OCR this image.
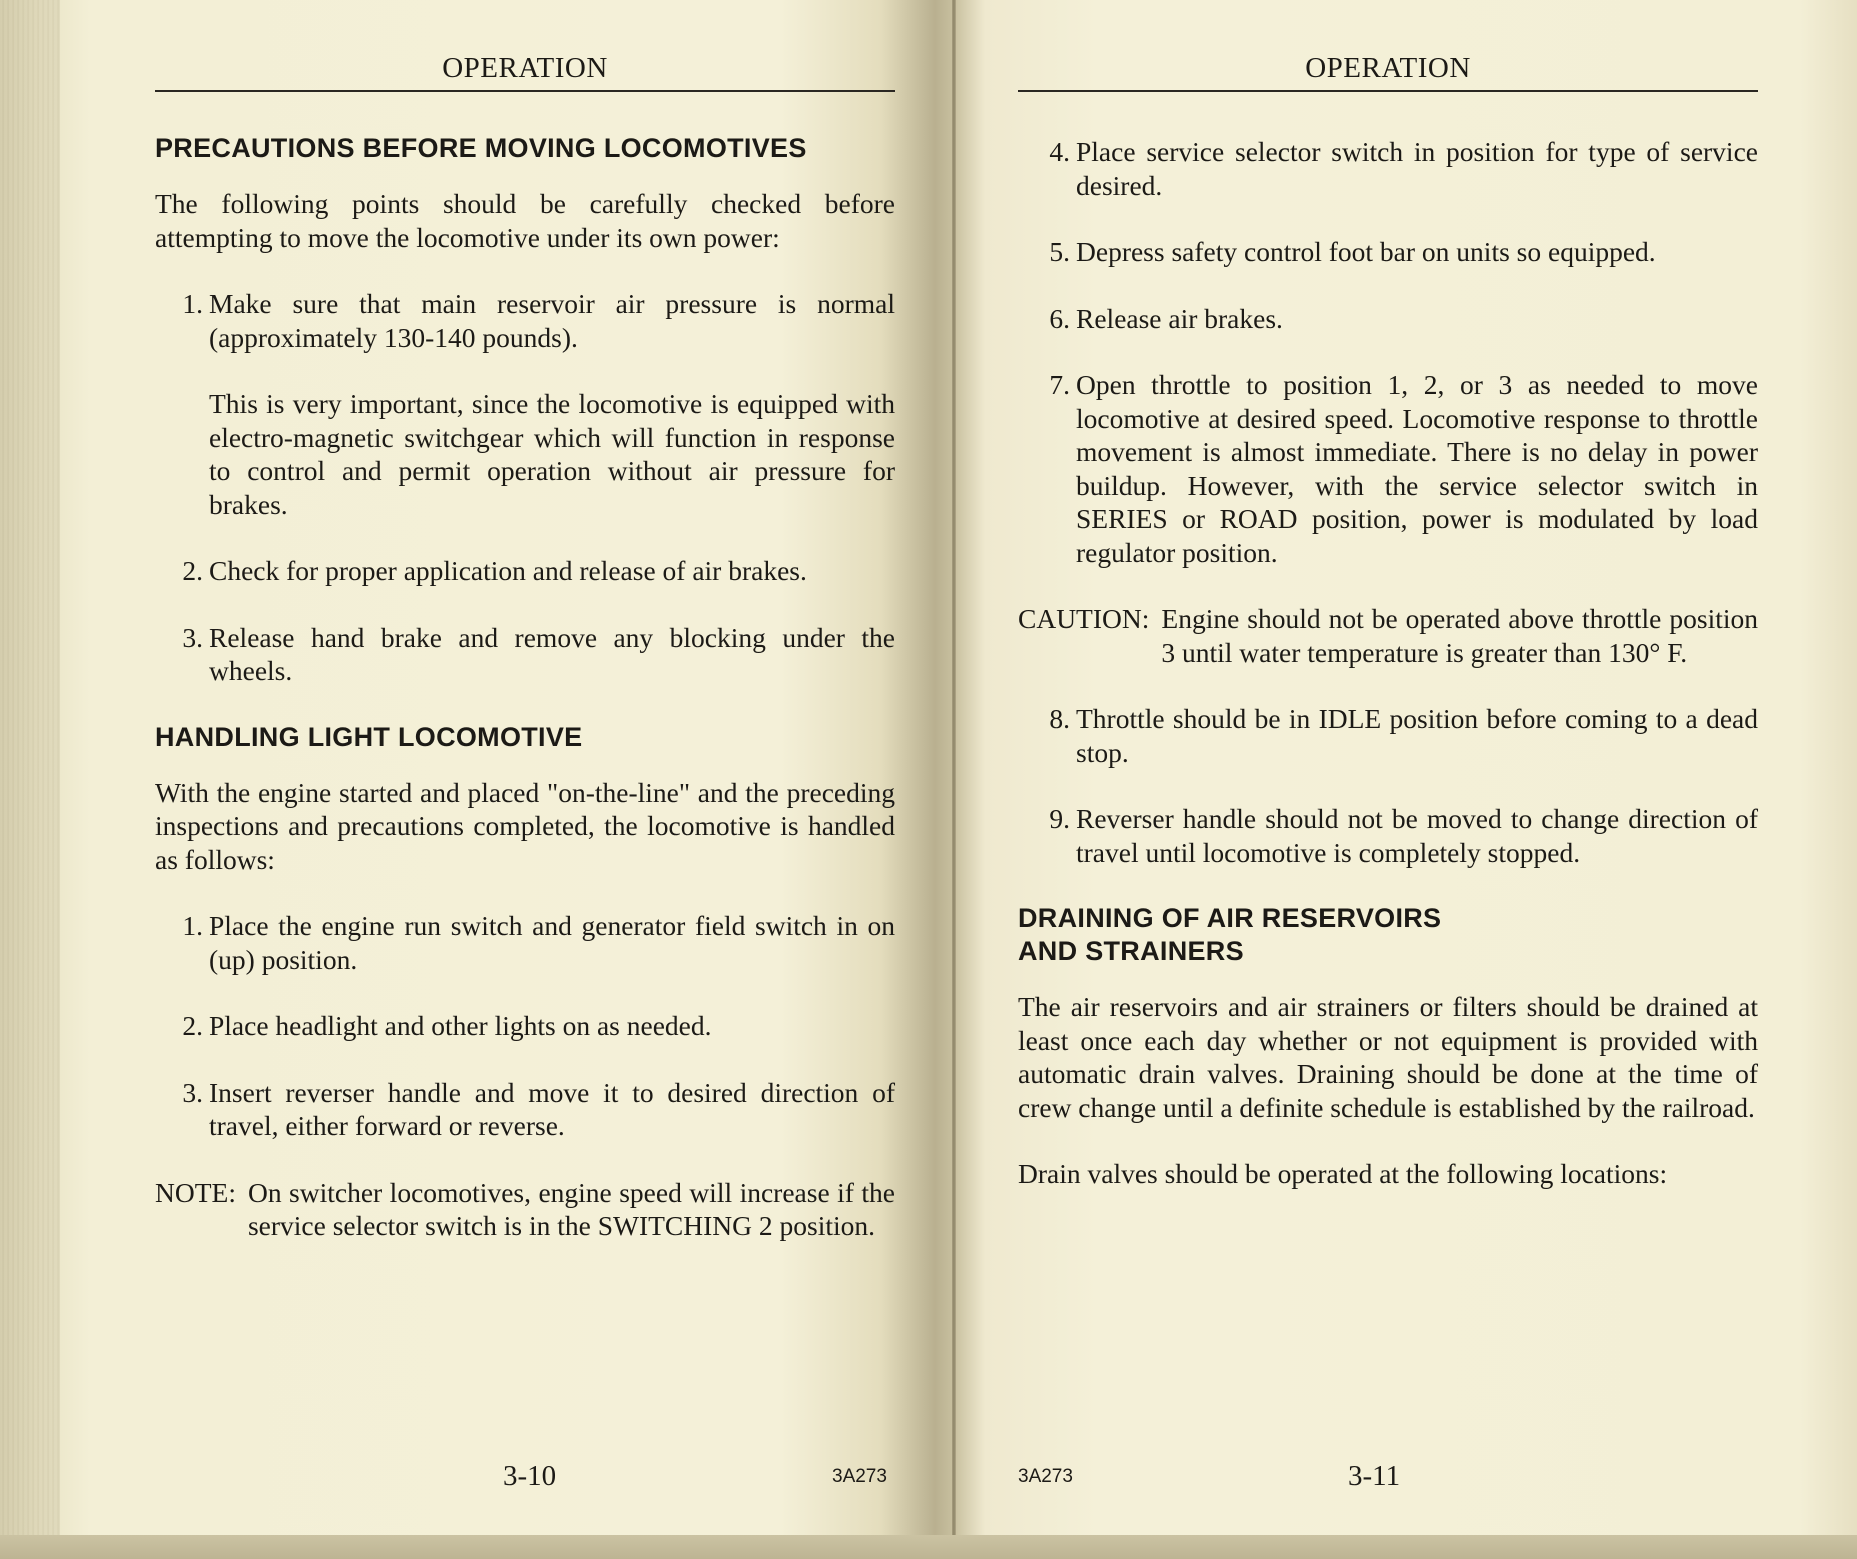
OPERATION
PRECAUTIONS BEFORE MOVING LOCOMOTIVES
The following points should be carefully checked before attempting to move the locomotive under its own power:
1. Make sure that main reservoir air pressure is normal (approximately 130-140 pounds).
This is very important, since the locomotive is equipped with electro-magnetic switchgear which will function in response to control and permit operation without air pressure for brakes.
2. Check for proper application and release of air brakes.
3. Release hand brake and remove any blocking under the wheels.
HANDLING LIGHT LOCOMOTIVE
With the engine started and placed "on-the-line" and the preceding inspections and precautions completed, the locomotive is handled as follows:
1. Place the engine run switch and generator field switch in on (up) position.
2. Place headlight and other lights on as needed.
3. Insert reverser handle and move it to desired direction of travel, either forward or reverse.
NOTE: On switcher locomotives, engine speed will increase if the service selector switch is in the SWITCHING 2 position.
3-10	3A273
OPERATION
4. Place service selector switch in position for type of service desired.
5. Depress safety control foot bar on units so equipped.
6. Release air brakes.
7. Open throttle to position 1, 2, or 3 as needed to move locomotive at desired speed. Locomotive response to throttle movement is almost immediate. There is no delay in power buildup. However, with the service selector switch in SERIES or ROAD position, power is modulated by load regulator position.
CAUTION: Engine should not be operated above throttle position 3 until water temperature is greater than 130° F.
8. Throttle should be in IDLE position before coming to a dead stop.
9. Reverser handle should not be moved to change direction of travel until locomotive is completely stopped.
DRAINING OF AIR RESERVOIRS
AND STRAINERS
The air reservoirs and air strainers or filters should be drained at least once each day whether or not equipment is provided with automatic drain valves. Draining should be done at the time of crew change until a definite schedule is established by the railroad.
Drain valves should be operated at the following locations:
3A273	3-11
